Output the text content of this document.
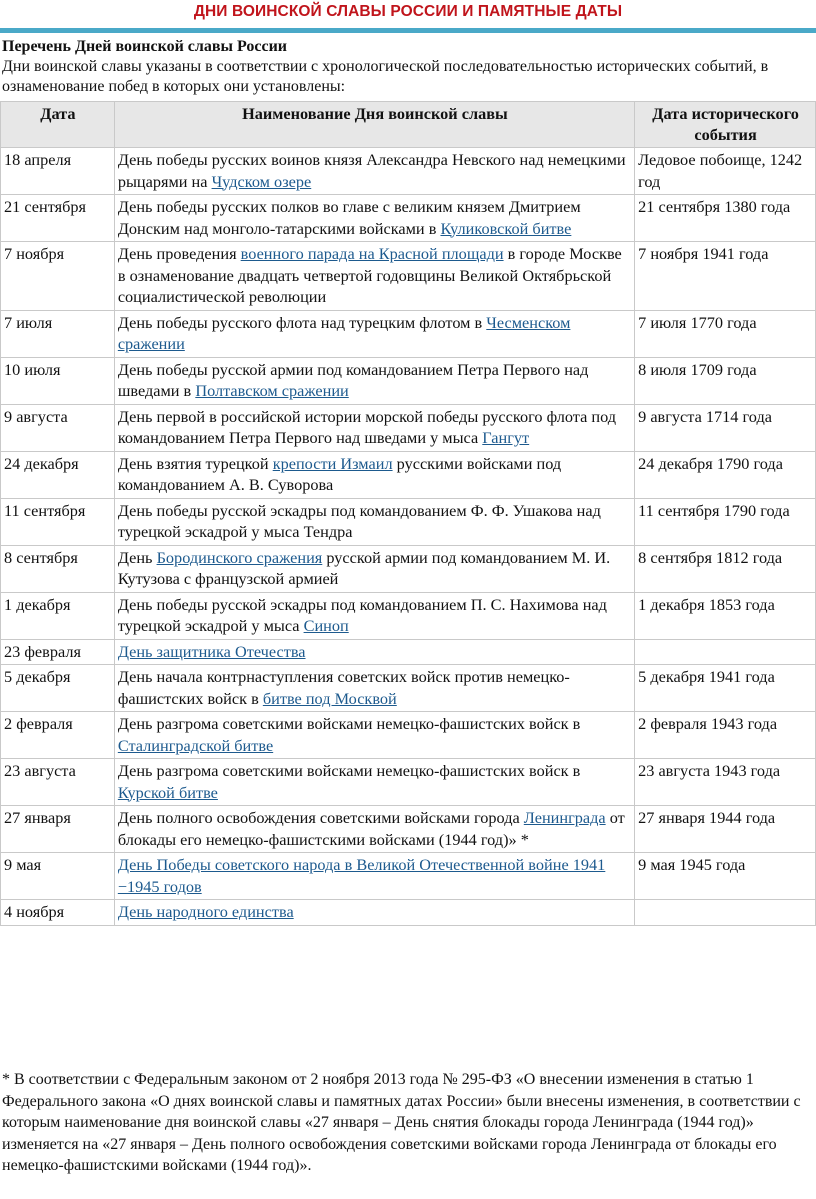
ДНИ ВОИНСКОЙ СЛАВЫ РОССИИ И ПАМЯТНЫЕ ДАТЫ
Перечень Дней воинской славы России
Дни воинской славы указаны в соответствии с хронологической последовательностью исторических событий, в ознаменование побед в которых они установлены:
Дата	Наименование Дня воинской славы	Дата исторического события
18 апреля	День победы русских воинов князя Александра Невского над немецкими рыцарями на Чудском озере	Ледовое побоище, 1242 год
21 сентября	День победы русских полков во главе с великим князем Дмитрием Донским над монголо-татарскими войсками в Куликовской битве	21 сентября 1380 года
7 ноября	День проведения военного парада на Красной площади в городе Москве в ознаменование двадцать четвертой годовщины Великой Октябрьской социалистической революции	7 ноября 1941 года
7 июля	День победы русского флота над турецким флотом в Чесменском сражении	7 июля 1770 года
10 июля	День победы русской армии под командованием Петра Первого над шведами в Полтавском сражении	8 июля 1709 года
9 августа	День первой в российской истории морской победы русского флота под командованием Петра Первого над шведами у мыса Гангут	9 августа 1714 года
24 декабря	День взятия турецкой крепости Измаил русскими войсками под командованием А. В. Суворова	24 декабря 1790 года
11 сентября	День победы русской эскадры под командованием Ф. Ф. Ушакова над турецкой эскадрой у мыса Тендра	11 сентября 1790 года
8 сентября	День Бородинского сражения русской армии под командованием М. И. Кутузова с французской армией	8 сентября 1812 года
1 декабря	День победы русской эскадры под командованием П. С. Нахимова над турецкой эскадрой у мыса Синоп	1 декабря 1853 года
23 февраля	День защитника Отечества	
5 декабря	День начала контрнаступления советских войск против немецко-фашистских войск в битве под Москвой	5 декабря 1941 года
2 февраля	День разгрома советскими войсками немецко-фашистских войск в Сталинградской битве	2 февраля 1943 года
23 августа	День разгрома советскими войсками немецко-фашистских войск в Курской битве	23 августа 1943 года
27 января	День полного освобождения советскими войсками города Ленинграда от блокады его немецко-фашистскими войсками (1944 год)» *	27 января 1944 года
9 мая	День Победы советского народа в Великой Отечественной войне 1941 −1945 годов	9 мая 1945 года
4 ноября	День народного единства	
* В соответствии с Федеральным законом от 2 ноября 2013 года № 295-ФЗ «О внесении изменения в статью 1 Федерального закона «О днях воинской славы и памятных датах России» были внесены изменения, в соответствии с которым наименование дня воинской славы «27 января – День снятия блокады города Ленинграда (1944 год)» изменяется на «27 января – День полного освобождения советскими войсками города Ленинграда от блокады его немецко-фашистскими войсками (1944 год)».
